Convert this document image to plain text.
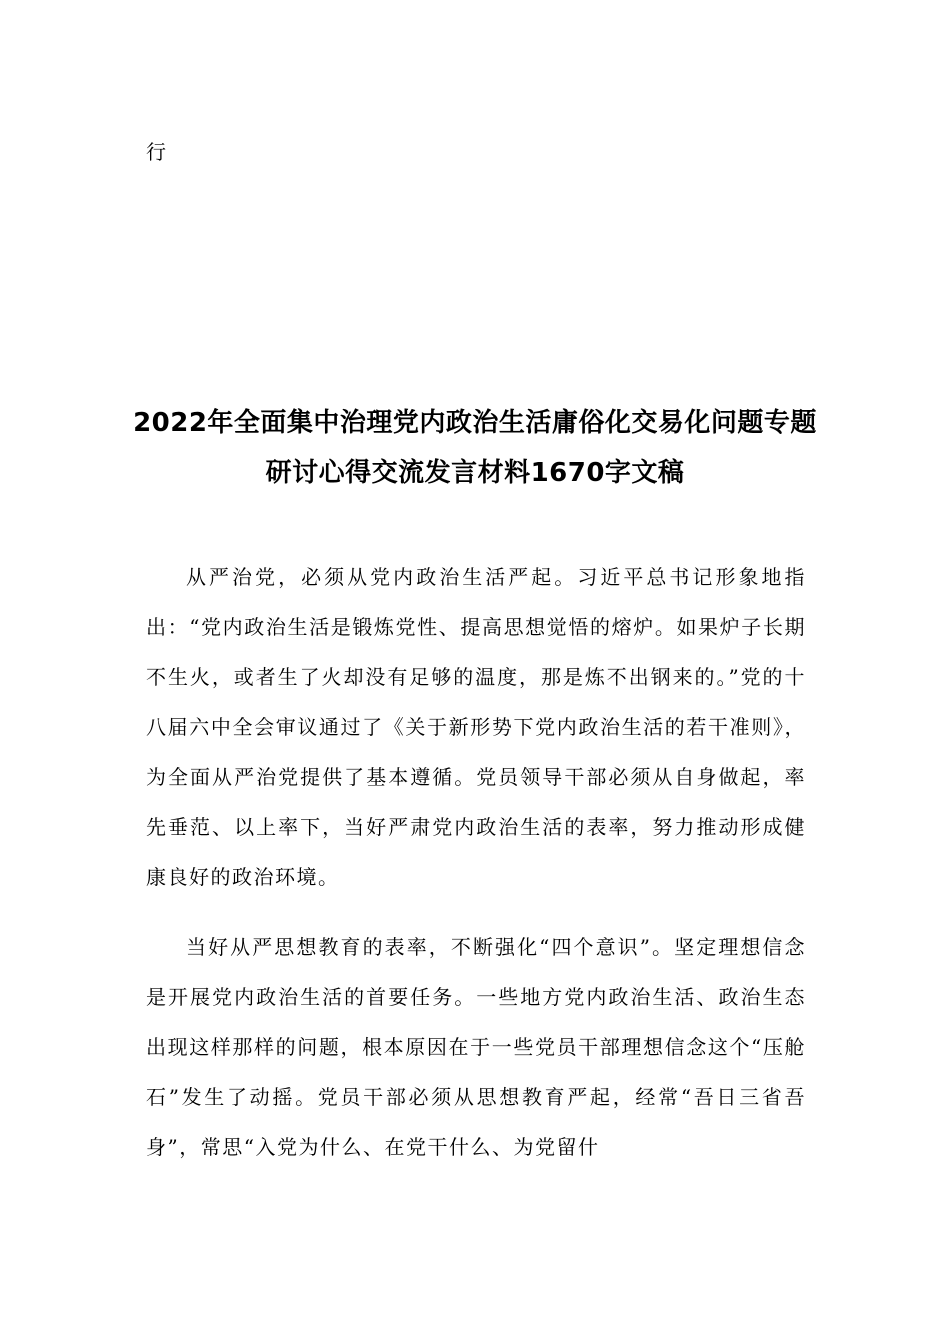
行

2022年全面集中治理党内政治生活庸俗化交易化问题专题研讨心得交流发言材料1670字文稿

从严治党，必须从党内政治生活严起。习近平总书记形象地指出：“党内政治生活是锻炼党性、提高思想觉悟的熔炉。如果炉子长期不生火，或者生了火却没有足够的温度，那是炼不出钢来的。”党的十八届六中全会审议通过了《关于新形势下党内政治生活的若干准则》，为全面从严治党提供了基本遵循。党员领导干部必须从自身做起，率先垂范、以上率下，当好严肃党内政治生活的表率，努力推动形成健康良好的政治环境。

当好从严思想教育的表率，不断强化“四个意识”。坚定理想信念是开展党内政治生活的首要任务。一些地方党内政治生活、政治生态出现这样那样的问题，根本原因在于一些党员干部理想信念这个“压舱石”发生了动摇。党员干部必须从思想教育严起，经常“吾日三省吾身”，常思“入党为什么、在党干什么、为党留什
